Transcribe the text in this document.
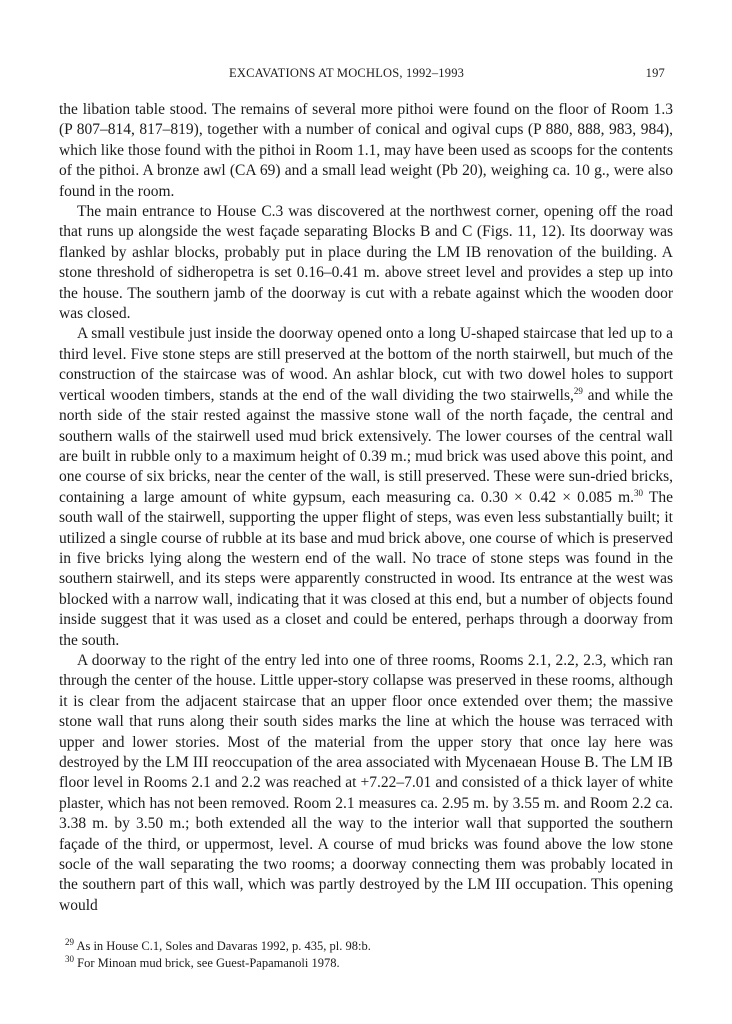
EXCAVATIONS AT MOCHLOS, 1992–1993	197

the libation table stood. The remains of several more pithoi were found on the floor of Room 1.3 (P 807–814, 817–819), together with a number of conical and ogival cups (P 880, 888, 983, 984), which like those found with the pithoi in Room 1.1, may have been used as scoops for the contents of the pithoi. A bronze awl (CA 69) and a small lead weight (Pb 20), weighing ca. 10 g., were also found in the room.

The main entrance to House C.3 was discovered at the northwest corner, opening off the road that runs up alongside the west façade separating Blocks B and C (Figs. 11, 12). Its doorway was flanked by ashlar blocks, probably put in place during the LM IB renovation of the building. A stone threshold of sidheropetra is set 0.16–0.41 m. above street level and provides a step up into the house. The southern jamb of the doorway is cut with a rebate against which the wooden door was closed.

A small vestibule just inside the doorway opened onto a long U-shaped staircase that led up to a third level. Five stone steps are still preserved at the bottom of the north stairwell, but much of the construction of the staircase was of wood. An ashlar block, cut with two dowel holes to support vertical wooden timbers, stands at the end of the wall dividing the two stairwells,$^{29}$ and while the north side of the stair rested against the massive stone wall of the north façade, the central and southern walls of the stairwell used mud brick extensively. The lower courses of the central wall are built in rubble only to a maximum height of 0.39 m.; mud brick was used above this point, and one course of six bricks, near the center of the wall, is still preserved. These were sun-dried bricks, containing a large amount of white gypsum, each measuring ca. 0.30 × 0.42 × 0.085 m.$^{30}$ The south wall of the stairwell, supporting the upper flight of steps, was even less substantially built; it utilized a single course of rubble at its base and mud brick above, one course of which is preserved in five bricks lying along the western end of the wall. No trace of stone steps was found in the southern stairwell, and its steps were apparently constructed in wood. Its entrance at the west was blocked with a narrow wall, indicating that it was closed at this end, but a number of objects found inside suggest that it was used as a closet and could be entered, perhaps through a doorway from the south.

A doorway to the right of the entry led into one of three rooms, Rooms 2.1, 2.2, 2.3, which ran through the center of the house. Little upper-story collapse was preserved in these rooms, although it is clear from the adjacent staircase that an upper floor once extended over them; the massive stone wall that runs along their south sides marks the line at which the house was terraced with upper and lower stories. Most of the material from the upper story that once lay here was destroyed by the LM III reoccupation of the area associated with Mycenaean House B. The LM IB floor level in Rooms 2.1 and 2.2 was reached at +7.22–7.01 and consisted of a thick layer of white plaster, which has not been removed. Room 2.1 measures ca. 2.95 m. by 3.55 m. and Room 2.2 ca. 3.38 m. by 3.50 m.; both extended all the way to the interior wall that supported the southern façade of the third, or uppermost, level. A course of mud bricks was found above the low stone socle of the wall separating the two rooms; a doorway connecting them was probably located in the southern part of this wall, which was partly destroyed by the LM III occupation. This opening would

$^{29}$ As in House C.1, Soles and Davaras 1992, p. 435, pl. 98:b.
$^{30}$ For Minoan mud brick, see Guest-Papamanoli 1978.
